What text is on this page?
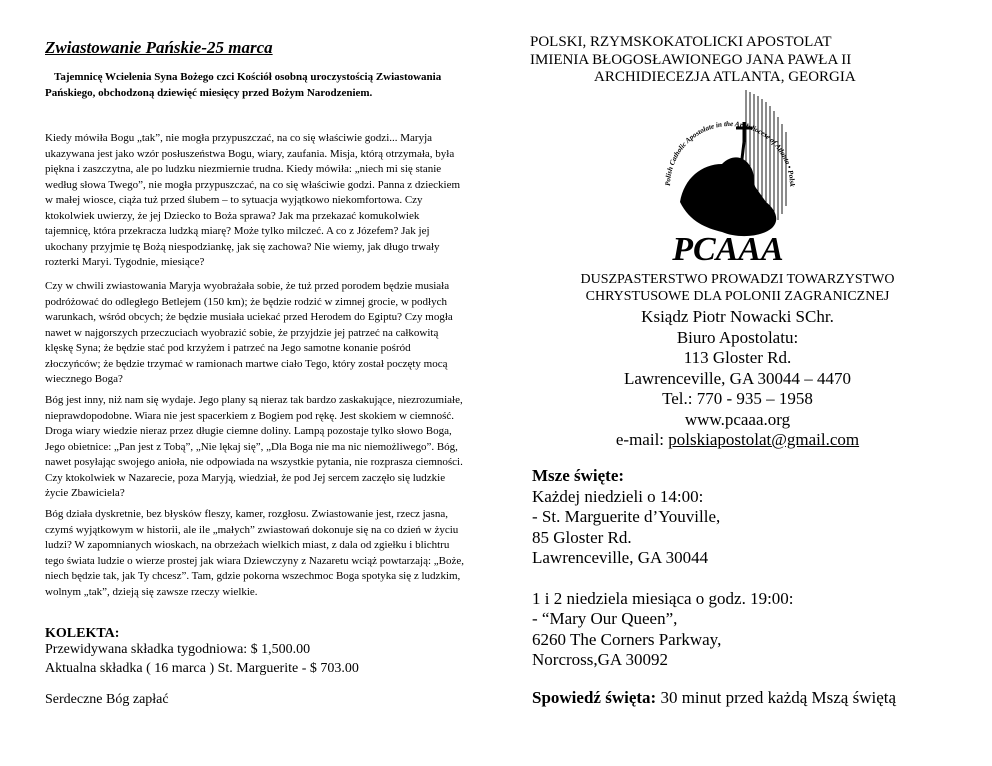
Zwiastowanie Pańskie-25 marca
Tajemnicę Wcielenia Syna Bożego czci Kościół osobną uroczystością Zwiastowania Pańskiego, obchodzoną dziewięć miesięcy przed Bożym Narodzeniem.
Kiedy mówiła Bogu „tak”, nie mogła przypuszczać, na co się właściwie godzi... Maryja ukazywana jest jako wzór posłuszeństwa Bogu, wiary, zaufania. Misja, którą otrzymała, była piękna i zaszczytna, ale po ludzku niezmiernie trudna. Kiedy mówiła: „niech mi się stanie według słowa Twego”, nie mogła przypuszczać, na co się właściwie godzi. Panna z dzieckiem w małej wiosce, ciąża tuż przed ślubem – to sytuacja wyjątkowo niekomfortowa. Czy ktokolwiek uwierzy, że jej Dziecko to Boża sprawa? Jak ma przekazać komukolwiek tajemnicę, która przekracza ludzką miarę? Może tylko milczeć. A co z Józefem? Jak jej ukochany przyjmie tę Bożą niespodziankę, jak się zachowa? Nie wiemy, jak długo trwały rozterki Maryi. Tygodnie, miesiące?
Czy w chwili zwiastowania Maryja wyobrażała sobie, że tuż przed porodem będzie musiała podróżować do odległego Betlejem (150 km); że będzie rodzić w zimnej grocie, w podłych warunkach, wśród obcych; że będzie musiała uciekać przed Herodem do Egiptu? Czy mogła nawet w najgorszych przeczuciach wyobrazić sobie, że przyjdzie jej patrzeć na całkowitą klęskę Syna; że będzie stać pod krzyżem i patrzeć na Jego samotne konanie pośród złoczyńców; że będzie trzymać w ramionach martwe ciało Tego, który został poczęty mocą wiecznego Boga?
Bóg jest inny, niż nam się wydaje. Jego plany są nieraz tak bardzo zaskakujące, niezrozumiałe, nieprawdopodobne. Wiara nie jest spacerkiem z Bogiem pod rękę. Jest skokiem w ciemność. Droga wiary wiedzie nieraz przez długie ciemne doliny. Lampą pozostaje tylko słowo Boga, Jego obietnice: „Pan jest z Tobą”, „Nie lękaj się”, „Dla Boga nie ma nic niemożliwego”. Bóg, nawet posyłając swojego anioła, nie odpowiada na wszystkie pytania, nie rozprasza ciemności. Czy ktokolwiek w Nazarecie, poza Maryją, wiedział, że pod Jej sercem zaczęło się ludzkie życie Zbawiciela?
Bóg działa dyskretnie, bez błysków fleszy, kamer, rozgłosu. Zwiastowanie jest, rzecz jasna, czymś wyjątkowym w historii, ale ile „małych” zwiastowań dokonuje się na co dzień w życiu ludzi? W zapomnianych wioskach, na obrzeżach wielkich miast, z dala od zgiełku i blichtru tego świata ludzie o wierze prostej jak wiara Dziewczyny z Nazaretu wciąż powtarzają: „Boże, niech będzie tak, jak Ty chcesz”. Tam, gdzie pokorna wszechmoc Boga spotyka się z ludzkim, wolnym „tak”, dzieją się zawsze rzeczy wielkie.
KOLEKTA:
Przewidywana składka tygodniowa: $ 1,500.00
Aktualna składka ( 16 marca ) St. Marguerite - $ 703.00
Serdeczne Bóg zapłać
POLSKI, RZYMSKOKATOLICKI APOSTOLAT
IMIENIA BŁOGOSŁAWIONEGO JANA PAWŁA II
ARCHIDIECEZJA ATLANTA, GEORGIA
Polish Catholic Apostolate in the Archdiocese of Atlanta • Polsk
PCAAA
DUSZPASTERSTWO PROWADZI TOWARZYSTWO
CHRYSTUSOWE DLA POLONII ZAGRANICZNEJ
Ksiądz Piotr Nowacki SChr.
Biuro Apostolatu:
113 Gloster Rd.
Lawrenceville, GA 30044 – 4470
Tel.: 770 - 935 – 1958
www.pcaaa.org
e-mail: polskiapostolat@gmail.com
Msze święte:
Każdej niedzieli o 14:00:
- St. Marguerite d’Youville,
85 Gloster Rd.
Lawrenceville, GA 30044
1 i 2 niedziela miesiąca o godz. 19:00:
- “Mary Our Queen”,
6260 The Corners Parkway,
Norcross,GA 30092
Spowiedź święta: 30 minut przed każdą Mszą świętą
